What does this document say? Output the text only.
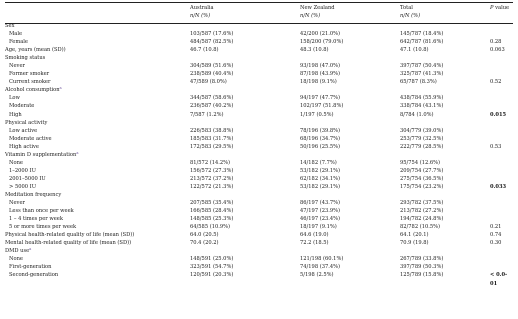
Australia
n/N (%)
New Zealand
n/N (%)
Total
n/N (%)
P value
Sex
Male	103/587 (17.6%)	42/200 (21.0%)	145/787 (18.4%)
Female	484/587 (82.5%)	158/200 (79.0%)	642/787 (81.6%)	0.28
Age, years (mean (SD))	46.7 (10.8)	48.3 (10.8)	47.1 (10.8)	0.063
Smoking status
Never	304/589 (51.6%)	93/198 (47.0%)	397/787 (50.4%)
Former smoker	238/589 (40.4%)	87/198 (43.9%)	325/787 (41.3%)
Current smoker	47/589 (8.0%)	18/198 (9.1%)	65/787 (8.3%)	0.52
Alcohol consumption$^a$
Low	344/587 (58.6%)	94/197 (47.7%)	438/784 (55.9%)
Moderate	236/587 (40.2%)	102/197 (51.8%)	338/784 (43.1%)
High	7/587 (1.2%)	1/197 (0.5%)	8/784 (1.0%)	0.015
Physical activity
Low active	226/583 (38.8%)	78/196 (39.8%)	304/779 (39.0%)
Moderate active	185/583 (31.7%)	68/196 (34.7%)	253/779 (32.5%)
High active	172/583 (29.5%)	50/196 (25.5%)	222/779 (28.5%)	0.53
Vitamin D supplementation$^a$
None	81/572 (14.2%)	14/182 (7.7%)	95/754 (12.6%)
1–2000 IU	156/572 (27.3%)	53/182 (29.1%)	209/754 (27.7%)
2001–5000 IU	213/572 (37.2%)	62/182 (34.1%)	275/754 (36.5%)
> 5000 IU	122/572 (21.3%)	53/182 (29.1%)	175/754 (23.2%)	0.033
Meditation frequency
Never	207/585 (35.4%)	86/197 (43.7%)	293/782 (37.5%)
Less than once per week	166/585 (28.4%)	47/197 (23.9%)	213/782 (27.2%)
1 – 4 times per week	148/585 (25.3%)	46/197 (23.4%)	194/782 (24.8%)
5 or more times per week	64/585 (10.9%)	18/197 (9.1%)	82/782 (10.5%)	0.21
Physical health-related quality of life (mean (SD))	64.0 (20.5)	64.6 (19.0)	64.1 (20.1)	0.74
Mental health-related quality of life (mean (SD))	70.4 (20.2)	72.2 (18.5)	70.9 (19.8)	0.30
DMD use$^a$
None	148/591 (25.0%)	121/198 (60.1%)	267/789 (33.8%)
First-generation	323/591 (54.7%)	74/198 (37.4%)	397/789 (50.3%)
Second-generation	120/591 (20.3%)	5/198 (2.5%)	125/789 (15.8%)	< 0.0-
01
